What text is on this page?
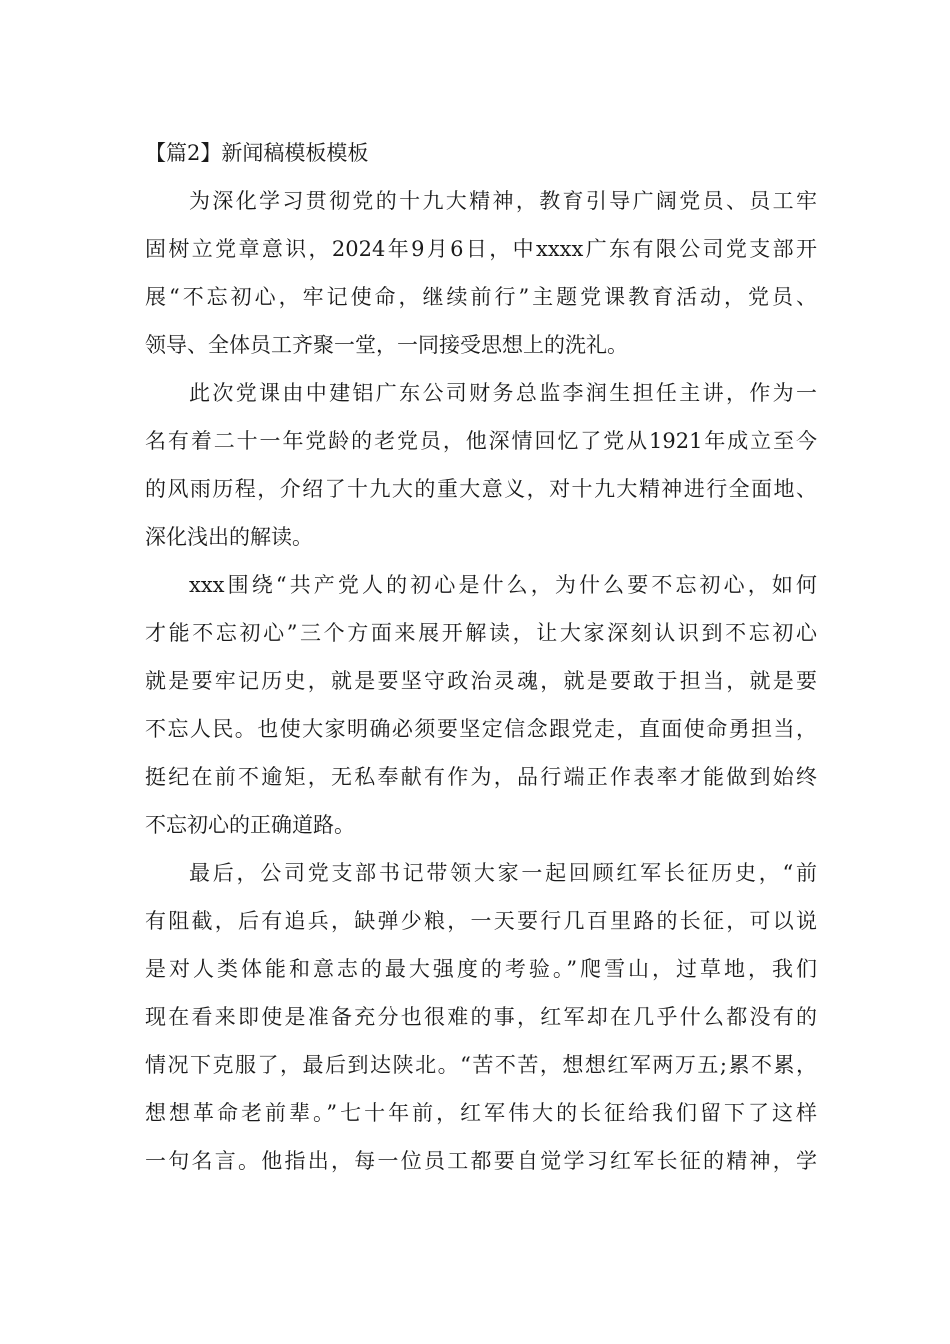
【篇2】新闻稿模板模板

为深化学习贯彻党的十九大精神，教育引导广阔党员、员工牢

固树立党章意识，2024年9月6日，中xxxx广东有限公司党支部开

展“不忘初心，牢记使命，继续前行”主题党课教育活动，党员、

领导、全体员工齐聚一堂，一同接受思想上的洗礼。

此次党课由中建铝广东公司财务总监李润生担任主讲，作为一

名有着二十一年党龄的老党员，他深情回忆了党从1921年成立至今

的风雨历程，介绍了十九大的重大意义，对十九大精神进行全面地、

深化浅出的解读。

xxx围绕“共产党人的初心是什么，为什么要不忘初心，如何

才能不忘初心”三个方面来展开解读，让大家深刻认识到不忘初心

就是要牢记历史，就是要坚守政治灵魂，就是要敢于担当，就是要

不忘人民。也使大家明确必须要坚定信念跟党走，直面使命勇担当，

挺纪在前不逾矩，无私奉献有作为，品行端正作表率才能做到始终

不忘初心的正确道路。

最后，公司党支部书记带领大家一起回顾红军长征历史，“前

有阻截，后有追兵，缺弹少粮，一天要行几百里路的长征，可以说

是对人类体能和意志的最大强度的考验。”爬雪山，过草地，我们

现在看来即使是准备充分也很难的事，红军却在几乎什么都没有的

情况下克服了，最后到达陕北。“苦不苦，想想红军两万五;累不累，

想想革命老前辈。”七十年前，红军伟大的长征给我们留下了这样

一句名言。他指出，每一位员工都要自觉学习红军长征的精神，学
